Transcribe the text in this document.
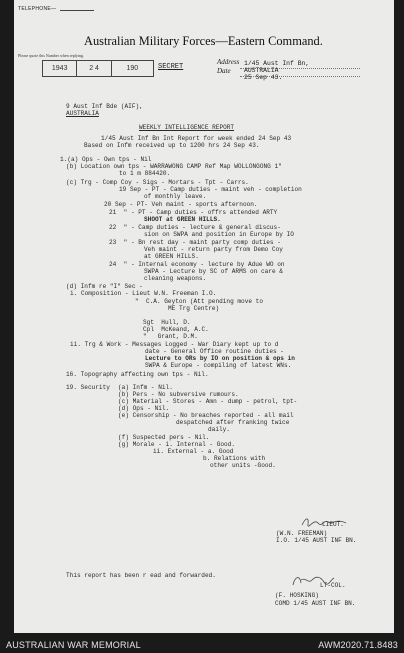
TELEPHONE—
Please quote this Number when replying.
Australian Military Forces—Eastern Command.
1943	2 4	190	SECRET
Address
Date
1/45 Aust Inf Bn,
AUSTRALIA
25 Sep 43.
9 Aust Inf Bde (AIF),
AUSTRALIA
WEEKLY INTELLIGENCE REPORT
1/45 Aust Inf Bn Int Report for week ended 24 Sep 43
Based on Infm received up to 1200 hrs 24 Sep 43.
1.(a) Ops - Own tps - Nil
(b) Location own tps - WARRAWONG CAMP Ref Map WOLLONGONG 1"
to 1 m 884420.
(c) Trg - Comp Coy - Sigs - Mortars - Tpt - Carrs.
19 Sep - PT - Camp duties - maint veh - completion
of monthly leave.
20 Sep - PT- Veh maint - sports afternoon.
21  " - PT - Camp duties - offrs attended ARTY
SHOOT at GREEN HILLS.
22  " - Camp duties - lecture & general discus-
sion on SWPA and position in Europe by IO
23  " - Bn rest day - maint party comp duties -
Veh maint - return party from Demo Coy
at GREEN HILLS.
24  " - Internal economy - lecture by Adue WO on
SWPA - Lecture by SC of ARMS on care &
cleaning weapons.
(d) Infm re "I" Sec -
i. Composition - Lieut W.N. Freeman I.O.
"  C.A. Geyton (Att pending move to
ME Trg Centre)
Sgt  Hull, D.
Cpl  McKeand, A.C.
"   Grant, D.M.
ii. Trg & Work - Messages Logged - War Diary kept up to d
date - General Office routine duties -
Lecture to ORs by IO on position & ops in
SWPA & Europe - compiling of latest WNs.
16. Topography affecting own tps - Nil.
19. Security (a) Infm - Nil.
(b) Pers - No subversive rumours.
(c) Material - Stores - Amn - dump - petrol, tpt-
(d) Ops - Nil.
(e) Censorship - No breaches reported - all mail
despatched after franking twice
daily.
(f) Suspected pers - Nil.
(g) Morale - i. Internal - Good.
ii. External - a. Good
b. Relations with
other units -Good.
LIEUT.
(W.N. FREEMAN)
I.O. 1/45 AUST INF BN.
This report has been r ead and forwarded.
LT-COL.
(F. HOSKING)
COMD 1/45 AUST INF BN.
AUSTRALIAN WAR MEMORIAL	AWM2020.71.8483
